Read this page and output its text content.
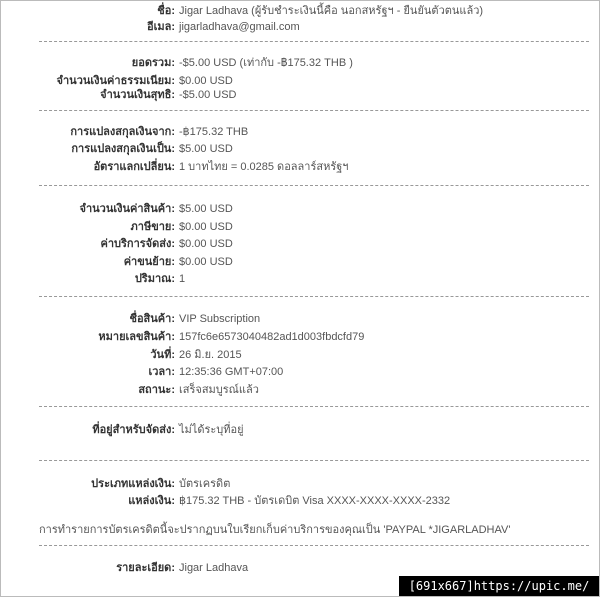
ชื่อ: Jigar Ladhava (ผู้รับชำระเงินนี้คือ นอกสหรัฐฯ - ยืนยันตัวตนแล้ว)
อีเมล: jigarladhava@gmail.com
ยอดรวม: -$5.00 USD (เท่ากับ -฿175.32 THB )
จำนวนเงินค่าธรรมเนียม: $0.00 USD
จำนวนเงินสุทธิ: -$5.00 USD
การแปลงสกุลเงินจาก: -฿175.32 THB
การแปลงสกุลเงินเป็น: $5.00 USD
อัตราแลกเปลี่ยน: 1 บาทไทย = 0.0285 ดอลลาร์สหรัฐฯ
จำนวนเงินค่าสินค้า: $5.00 USD
ภาษีขาย: $0.00 USD
ค่าบริการจัดส่ง: $0.00 USD
ค่าขนย้าย: $0.00 USD
ปริมาณ: 1
ชื่อสินค้า: VIP Subscription
หมายเลขสินค้า: 157fc6e6573040482ad1d003fbdcfd79
วันที่: 26 มิ.ย. 2015
เวลา: 12:35:36 GMT+07:00
สถานะ: เสร็จสมบูรณ์แล้ว
ที่อยู่สำหรับจัดส่ง: ไม่ได้ระบุที่อยู่
ประเภทแหล่งเงิน: บัตรเครดิต
แหล่งเงิน: ฿175.32 THB - บัตรเดบิต Visa XXXX-XXXX-XXXX-2332
การทำรายการบัตรเครดิตนี้จะปรากฏบนใบเรียกเก็บค่าบริการของคุณเป็น 'PAYPAL *JIGARLADHAV'
รายละเอียด: Jigar Ladhava
[691x667]https://upic.me/
